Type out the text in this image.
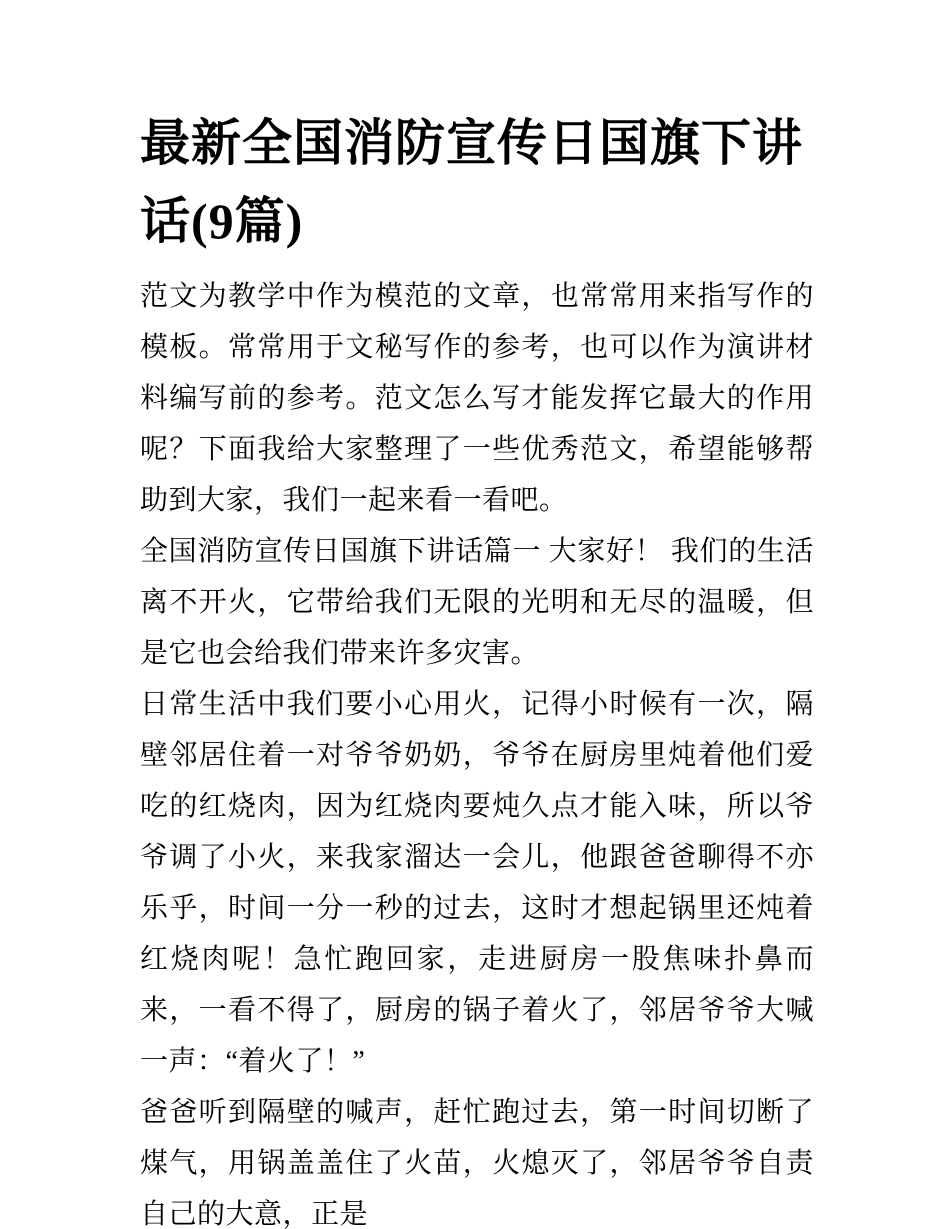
最新全国消防宣传日国旗下讲话(9篇)

范文为教学中作为模范的文章，也常常用来指写作的模板。常常用于文秘写作的参考，也可以作为演讲材料编写前的参考。范文怎么写才能发挥它最大的作用呢？下面我给大家整理了一些优秀范文，希望能够帮助到大家，我们一起来看一看吧。

全国消防宣传日国旗下讲话篇一 大家好！ 我们的生活离不开火，它带给我们无限的光明和无尽的温暖，但是它也会给我们带来许多灾害。

日常生活中我们要小心用火，记得小时候有一次，隔壁邻居住着一对爷爷奶奶，爷爷在厨房里炖着他们爱吃的红烧肉，因为红烧肉要炖久点才能入味，所以爷爷调了小火，来我家溜达一会儿，他跟爸爸聊得不亦乐乎，时间一分一秒的过去，这时才想起锅里还炖着红烧肉呢！急忙跑回家，走进厨房一股焦味扑鼻而来，一看不得了，厨房的锅子着火了，邻居爷爷大喊一声：“着火了！”

爸爸听到隔壁的喊声，赶忙跑过去，第一时间切断了煤气，用锅盖盖住了火苗，火熄灭了，邻居爷爷自责自己的大意，正是
